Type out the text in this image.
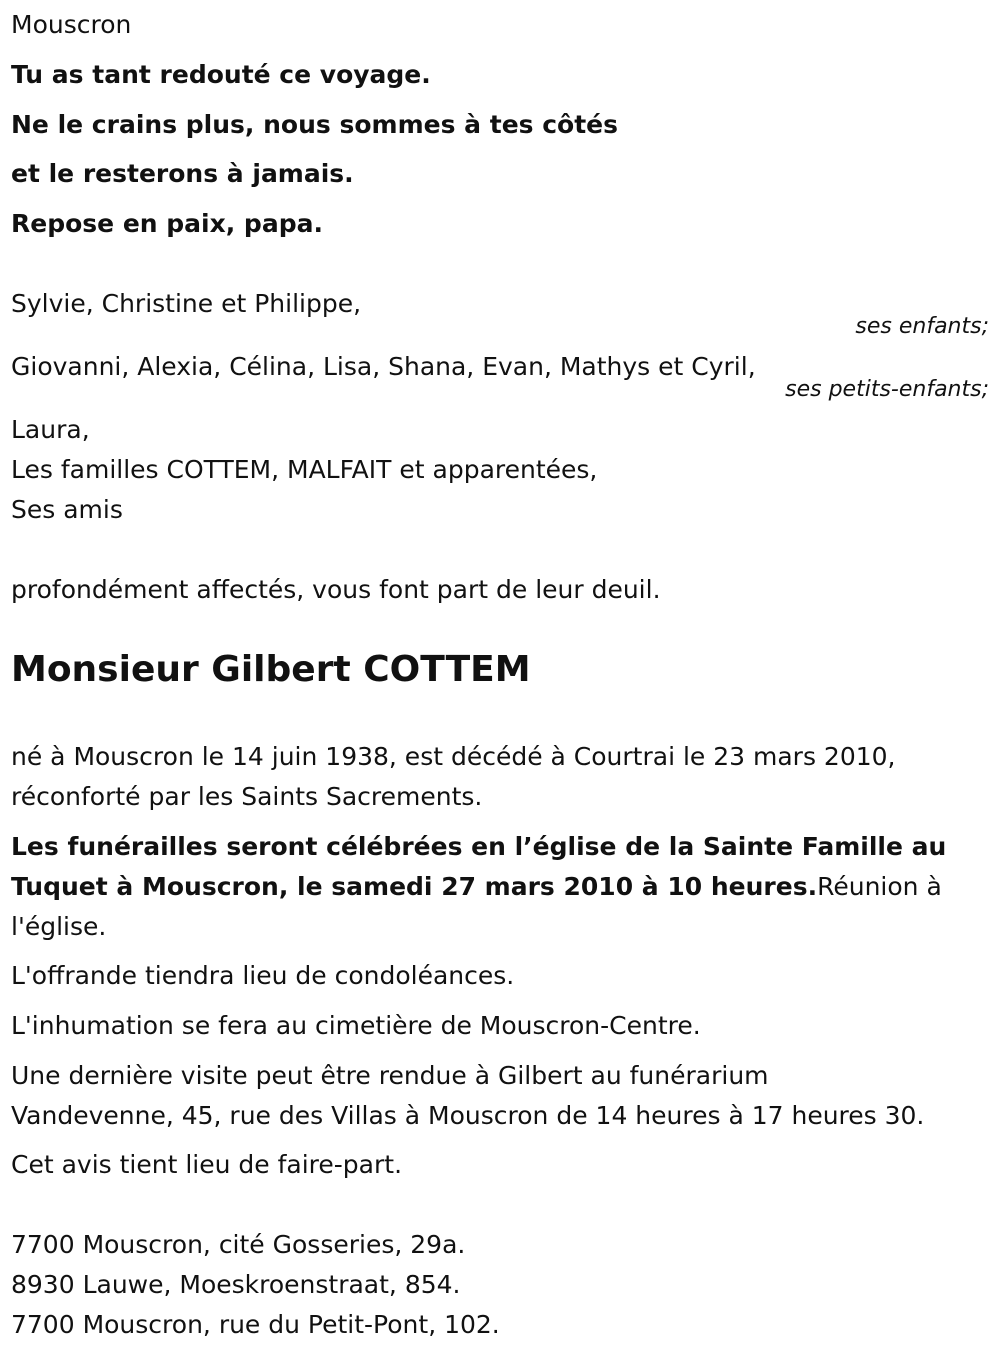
Mouscron
Tu as tant redouté ce voyage.
Ne le crains plus, nous sommes à tes côtés
et le resterons à jamais.
Repose en paix, papa.
Sylvie, Christine et Philippe,
ses enfants;
Giovanni, Alexia, Célina, Lisa, Shana, Evan, Mathys et Cyril,
ses petits-enfants;
Laura,
Les familles COTTEM, MALFAIT et apparentées,
Ses amis
profondément affectés, vous font part de leur deuil.
Monsieur Gilbert COTTEM
né à Mouscron le 14 juin 1938, est décédé à Courtrai le 23 mars 2010,
réconforté par les Saints Sacrements.
Les funérailles seront célébrées en l’église de la Sainte Famille au
Tuquet à Mouscron, le samedi 27 mars 2010 à 10 heures.Réunion à
l'église.
L'offrande tiendra lieu de condoléances.
L'inhumation se fera au cimetière de Mouscron-Centre.
Une dernière visite peut être rendue à Gilbert au funérarium
Vandevenne, 45, rue des Villas à Mouscron de 14 heures à 17 heures 30.
Cet avis tient lieu de faire-part.
7700 Mouscron, cité Gosseries, 29a.
8930 Lauwe, Moeskroenstraat, 854.
7700 Mouscron, rue du Petit-Pont, 102.
